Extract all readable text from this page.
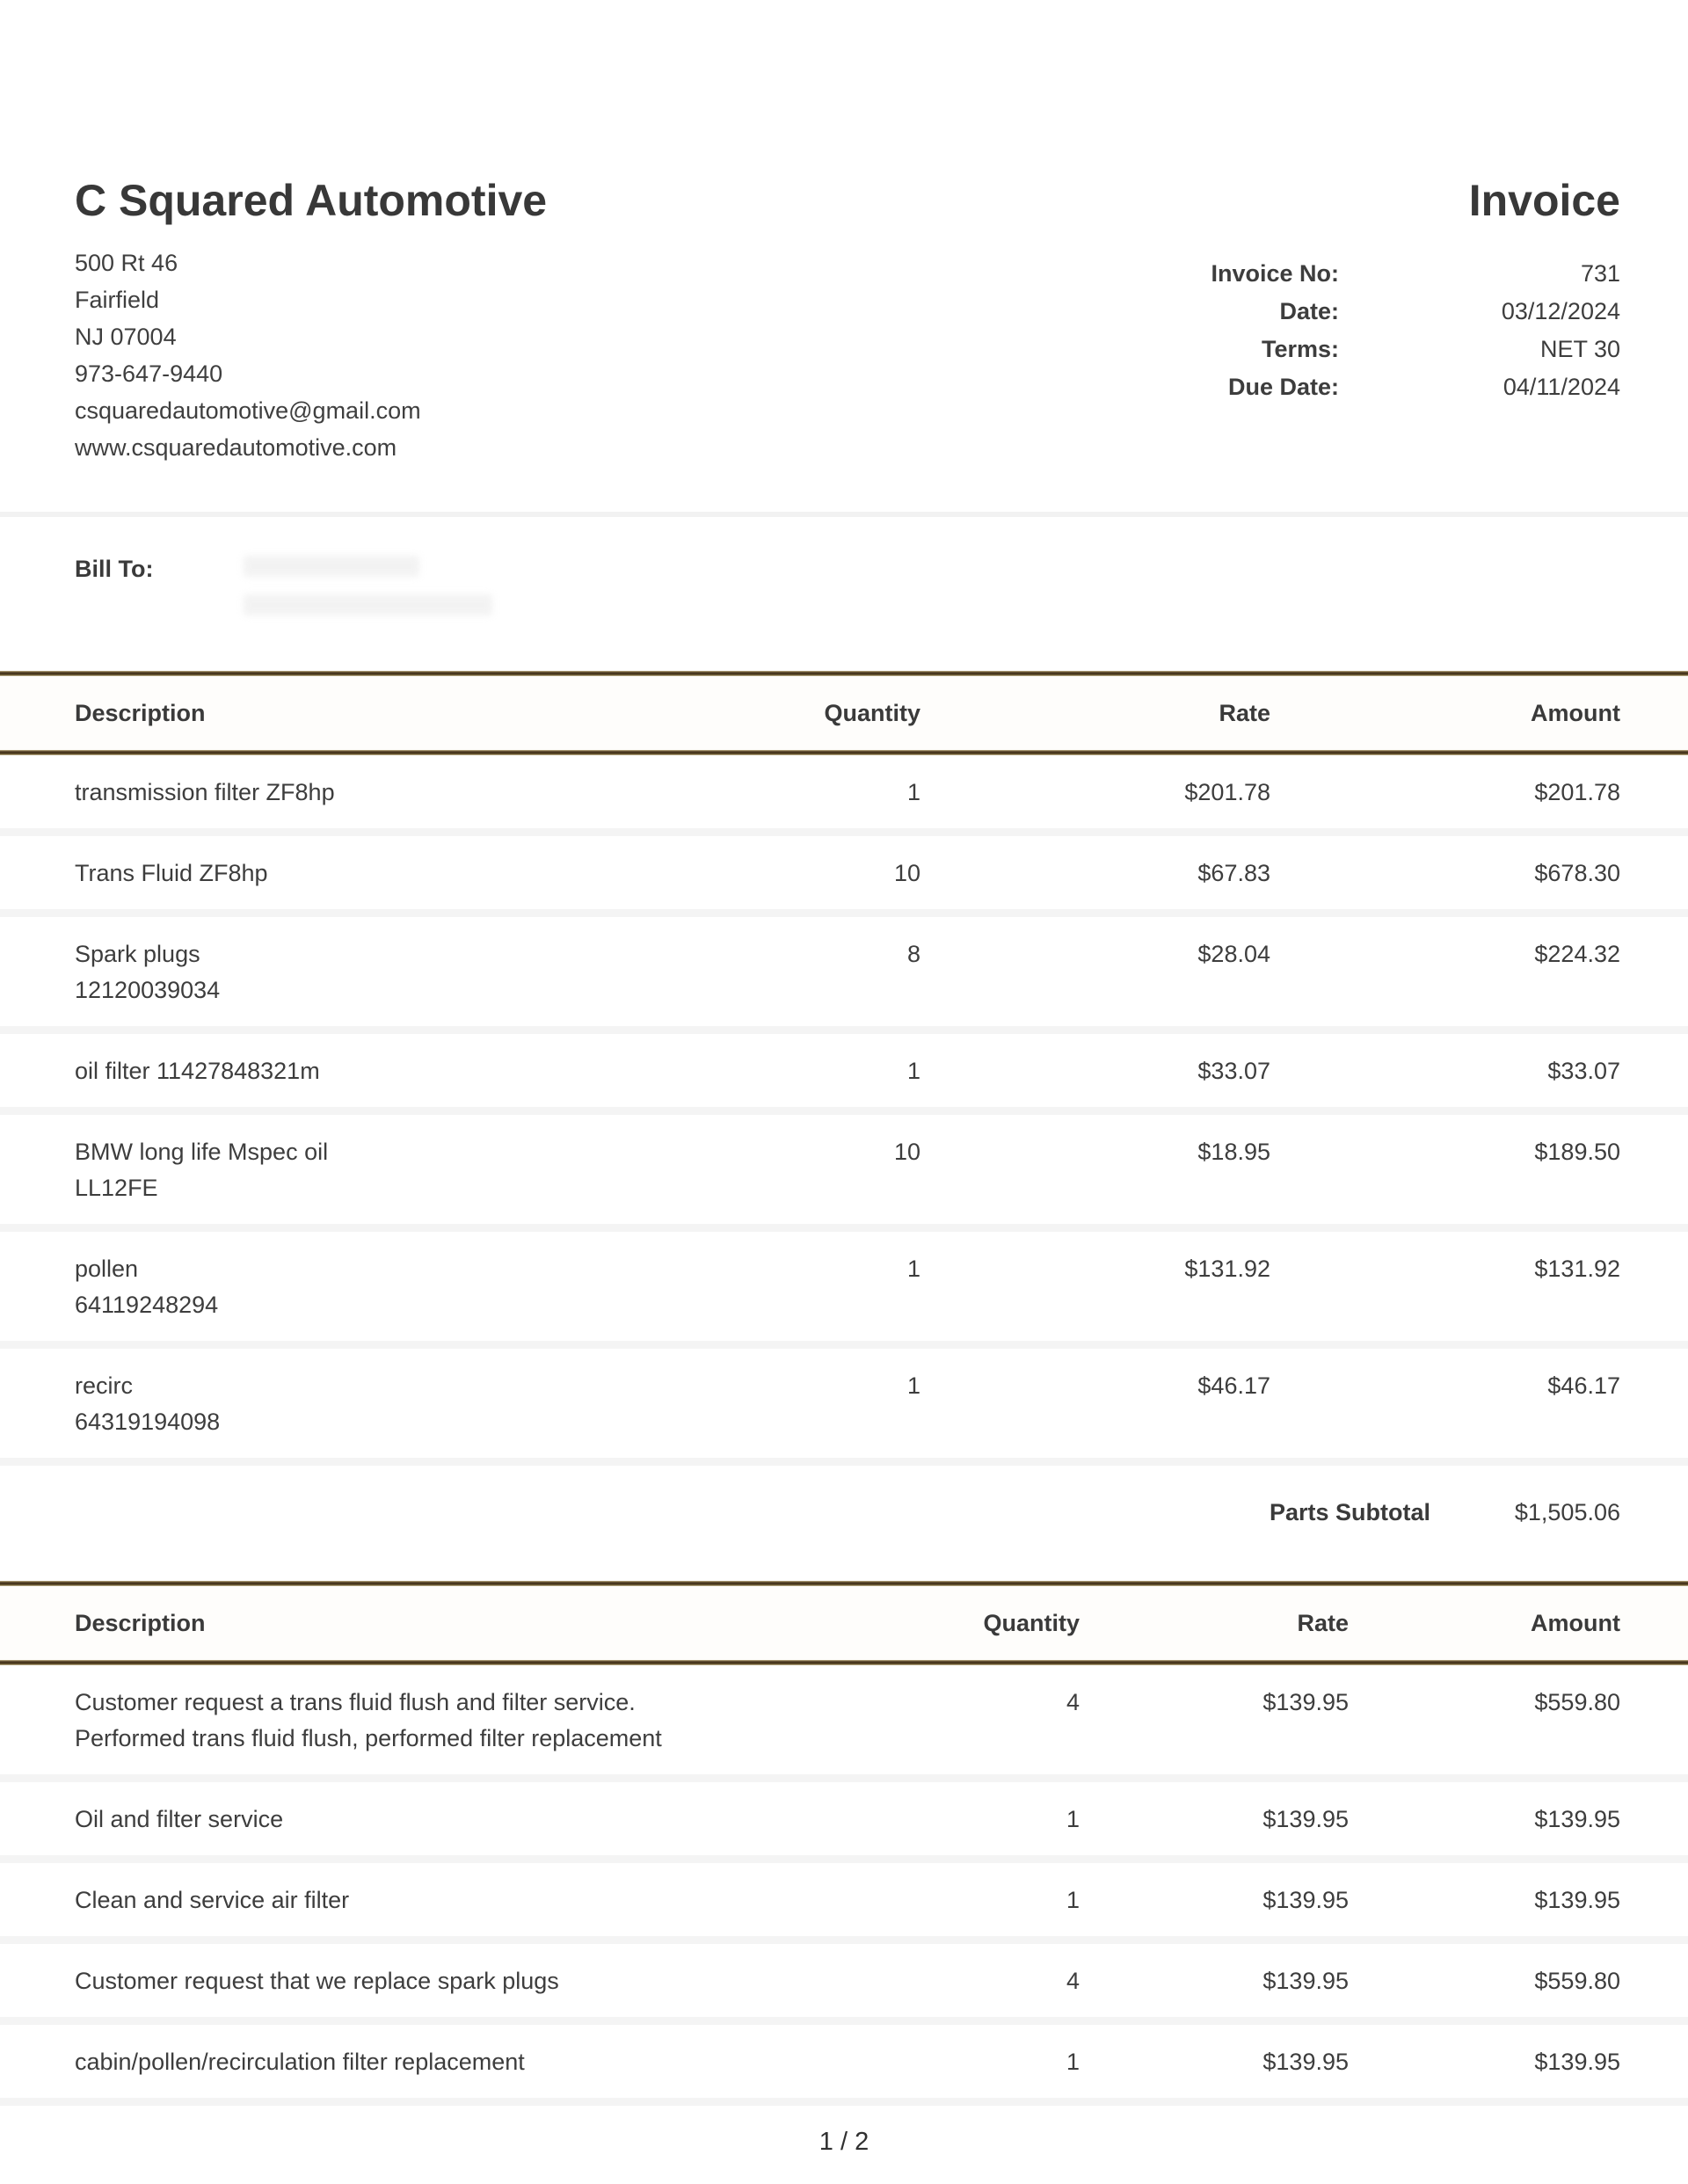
C Squared Automotive
500 Rt 46
Fairfield
NJ 07004
973-647-9440
csquaredautomotive@gmail.com
www.csquaredautomotive.com
Invoice
Invoice No:	731
Date:	03/12/2024
Terms:	NET 30
Due Date:	04/11/2024
Bill To:
Description	Quantity	Rate	Amount
transmission filter ZF8hp	1	$201.78	$201.78
Trans Fluid ZF8hp	10	$67.83	$678.30
Spark plugs
12120039034
8	$28.04	$224.32
oil filter 11427848321m	1	$33.07	$33.07
BMW long life Mspec oil
LL12FE
10	$18.95	$189.50
pollen
64119248294
1	$131.92	$131.92
recirc
64319194098
1	$46.17	$46.17
Parts Subtotal	$1,505.06
Description	Quantity	Rate	Amount
Customer request a trans fluid flush and filter service.
Performed trans fluid flush, performed filter replacement
4	$139.95	$559.80
Oil and filter service	1	$139.95	$139.95
Clean and service air filter	1	$139.95	$139.95
Customer request that we replace spark plugs	4	$139.95	$559.80
cabin/pollen/recirculation filter replacement	1	$139.95	$139.95
1 / 2
